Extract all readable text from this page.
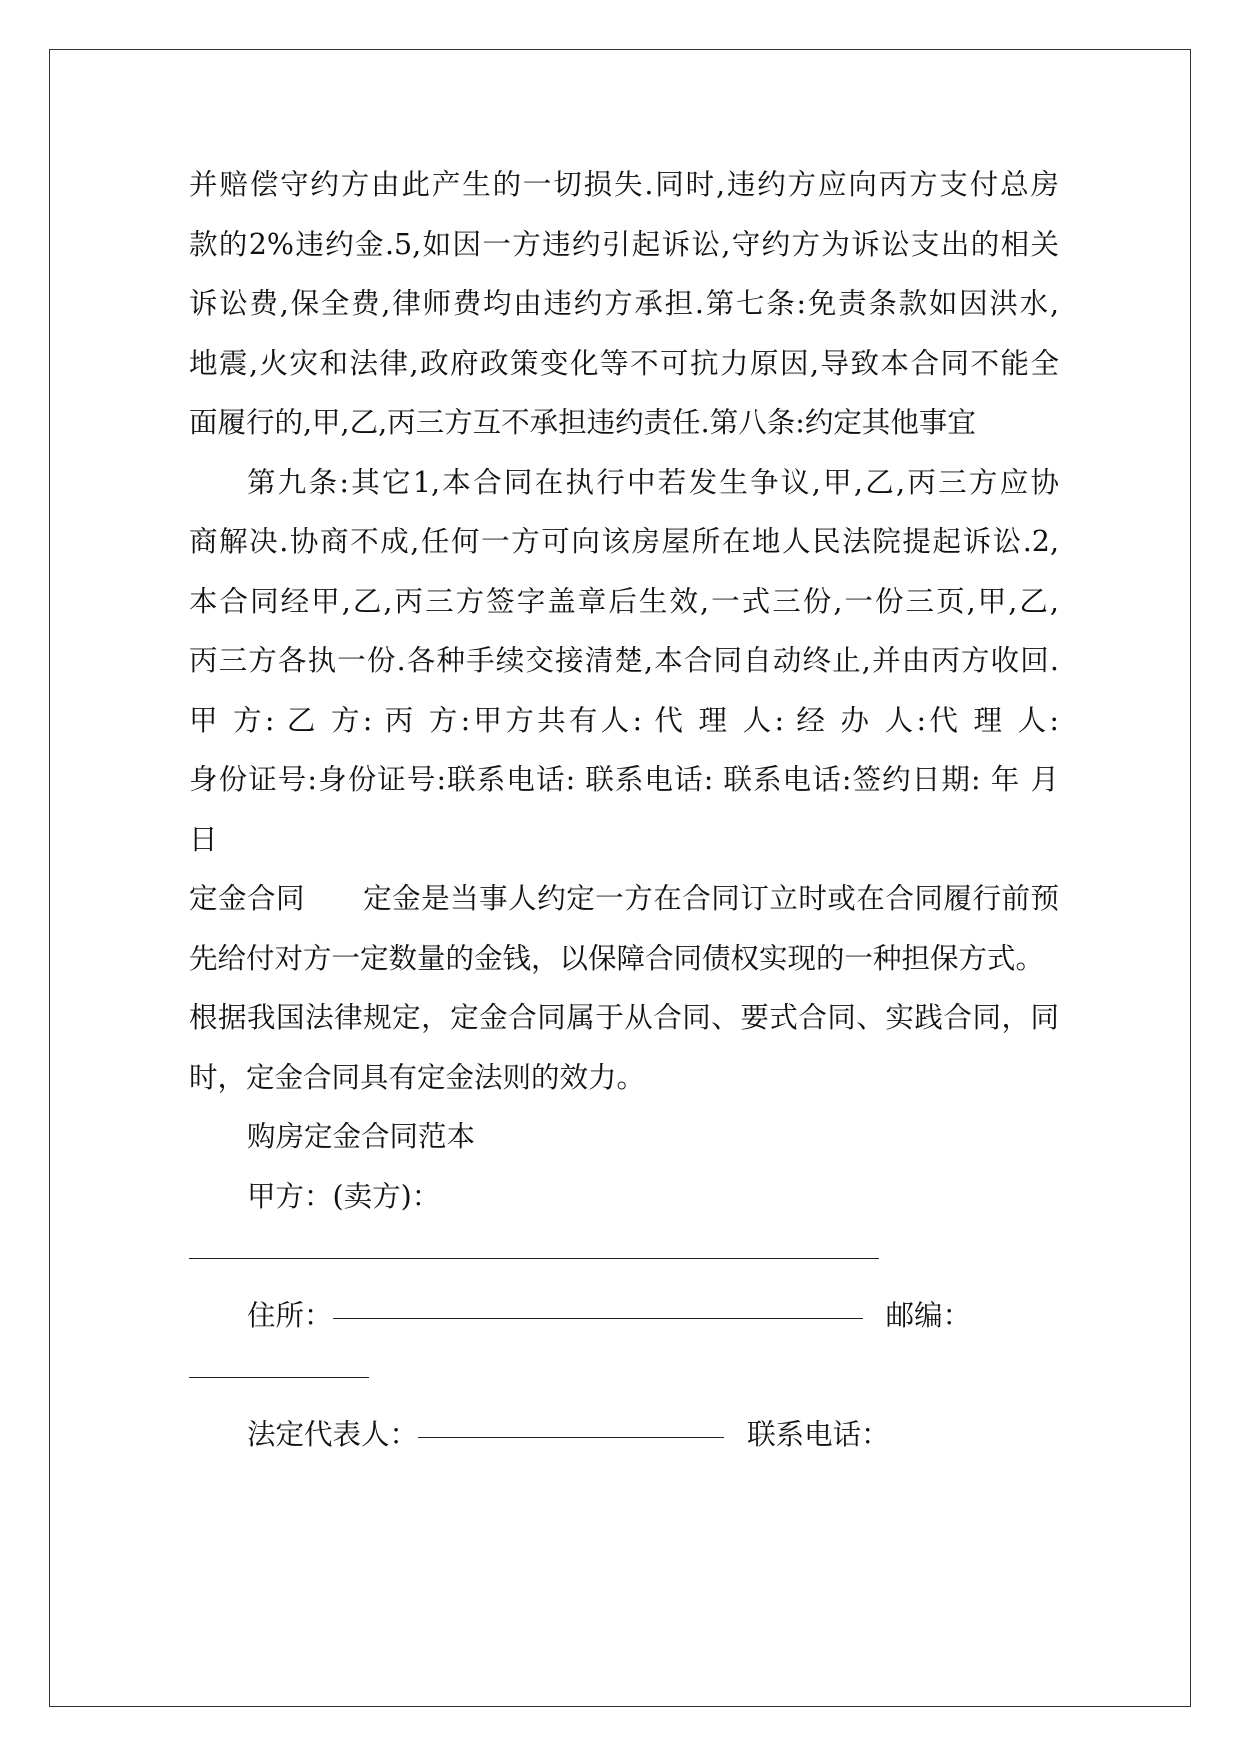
并赔偿守约方由此产生的一切损失.同时,违约方应向丙方支付总房
款的2%违约金.5,如因一方违约引起诉讼,守约方为诉讼支出的相关
诉讼费,保全费,律师费均由违约方承担.第七条:免责条款如因洪水,
地震,火灾和法律,政府政策变化等不可抗力原因,导致本合同不能全
面履行的,甲,乙,丙三方互不承担违约责任.第八条:约定其他事宜
第九条:其它1,本合同在执行中若发生争议,甲,乙,丙三方应协
商解决.协商不成,任何一方可向该房屋所在地人民法院提起诉讼.2,
本合同经甲,乙,丙三方签字盖章后生效,一式三份,一份三页,甲,乙,
丙三方各执一份.各种手续交接清楚,本合同自动终止,并由丙方收回.
甲 方: 乙 方: 丙 方:甲方共有人: 代 理 人: 经 办 人:代 理 人:
身份证号:身份证号:联系电话: 联系电话: 联系电话:签约日期: 年 月
日
定金合同　　定金是当事人约定一方在合同订立时或在合同履行前预
先给付对方一定数量的金钱，以保障合同债权实现的一种担保方式。
根据我国法律规定，定金合同属于从合同、要式合同、实践合同，同
时，定金合同具有定金法则的效力。
购房定金合同范本
甲方：(卖方)：
住所：	邮编：
法定代表人：	联系电话：
